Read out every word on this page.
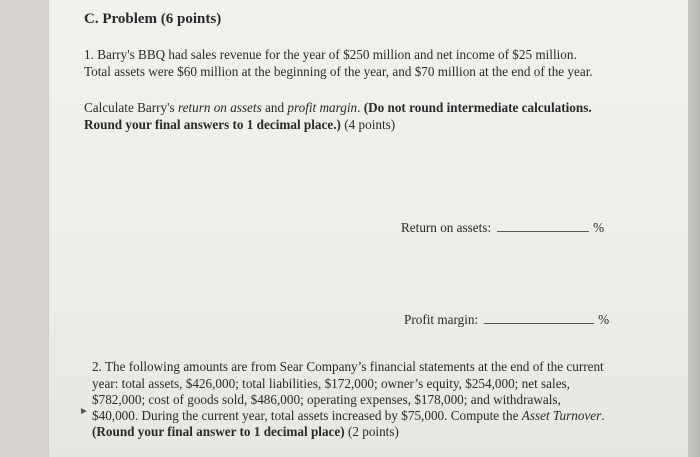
C. Problem (6 points)
1. Barry's BBQ had sales revenue for the year of $250 million and net income of $25 million.
Total assets were $60 million at the beginning of the year, and $70 million at the end of the year.
Calculate Barry's return on assets and profit margin. (Do not round intermediate calculations.
Round your final answers to 1 decimal place.) (4 points)
Return on assets:	%
Profit margin:	%
2. The following amounts are from Sear Company’s financial statements at the end of the current
year: total assets, $426,000; total liabilities, $172,000; owner’s equity, $254,000; net sales,
$782,000; cost of goods sold, $486,000; operating expenses, $178,000; and withdrawals,
► $40,000. During the current year, total assets increased by $75,000. Compute the Asset Turnover.
(Round your final answer to 1 decimal place) (2 points)
